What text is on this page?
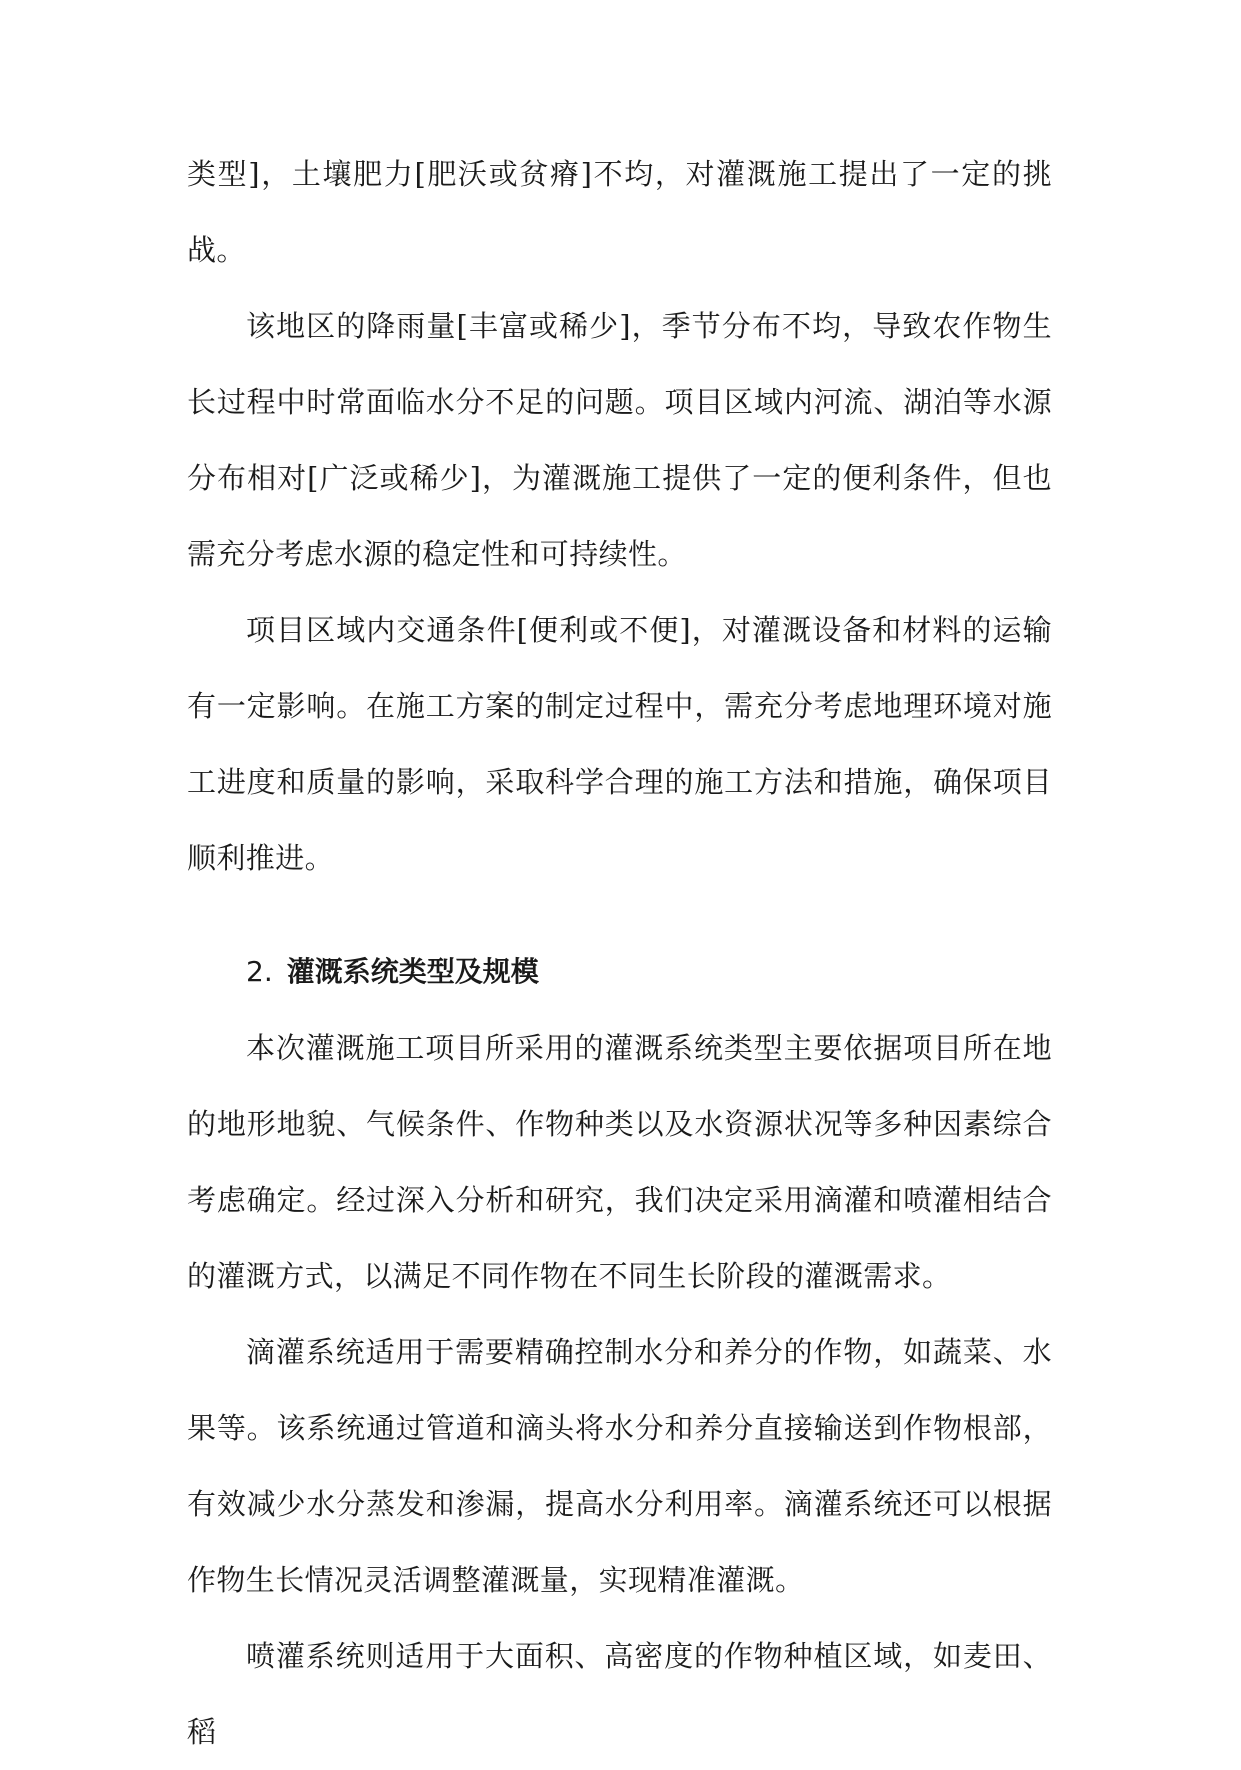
类型]，土壤肥力[肥沃或贫瘠]不均，对灌溉施工提出了一定的挑战。

该地区的降雨量[丰富或稀少]，季节分布不均，导致农作物生长过程中时常面临水分不足的问题。项目区域内河流、湖泊等水源分布相对[广泛或稀少]，为灌溉施工提供了一定的便利条件，但也需充分考虑水源的稳定性和可持续性。

项目区域内交通条件[便利或不便]，对灌溉设备和材料的运输有一定影响。在施工方案的制定过程中，需充分考虑地理环境对施工进度和质量的影响，采取科学合理的施工方法和措施，确保项目顺利推进。

2. 灌溉系统类型及规模

本次灌溉施工项目所采用的灌溉系统类型主要依据项目所在地的地形地貌、气候条件、作物种类以及水资源状况等多种因素综合考虑确定。经过深入分析和研究，我们决定采用滴灌和喷灌相结合的灌溉方式，以满足不同作物在不同生长阶段的灌溉需求。

滴灌系统适用于需要精确控制水分和养分的作物，如蔬菜、水果等。该系统通过管道和滴头将水分和养分直接输送到作物根部，有效减少水分蒸发和渗漏，提高水分利用率。滴灌系统还可以根据作物生长情况灵活调整灌溉量，实现精准灌溉。

喷灌系统则适用于大面积、高密度的作物种植区域，如麦田、稻
